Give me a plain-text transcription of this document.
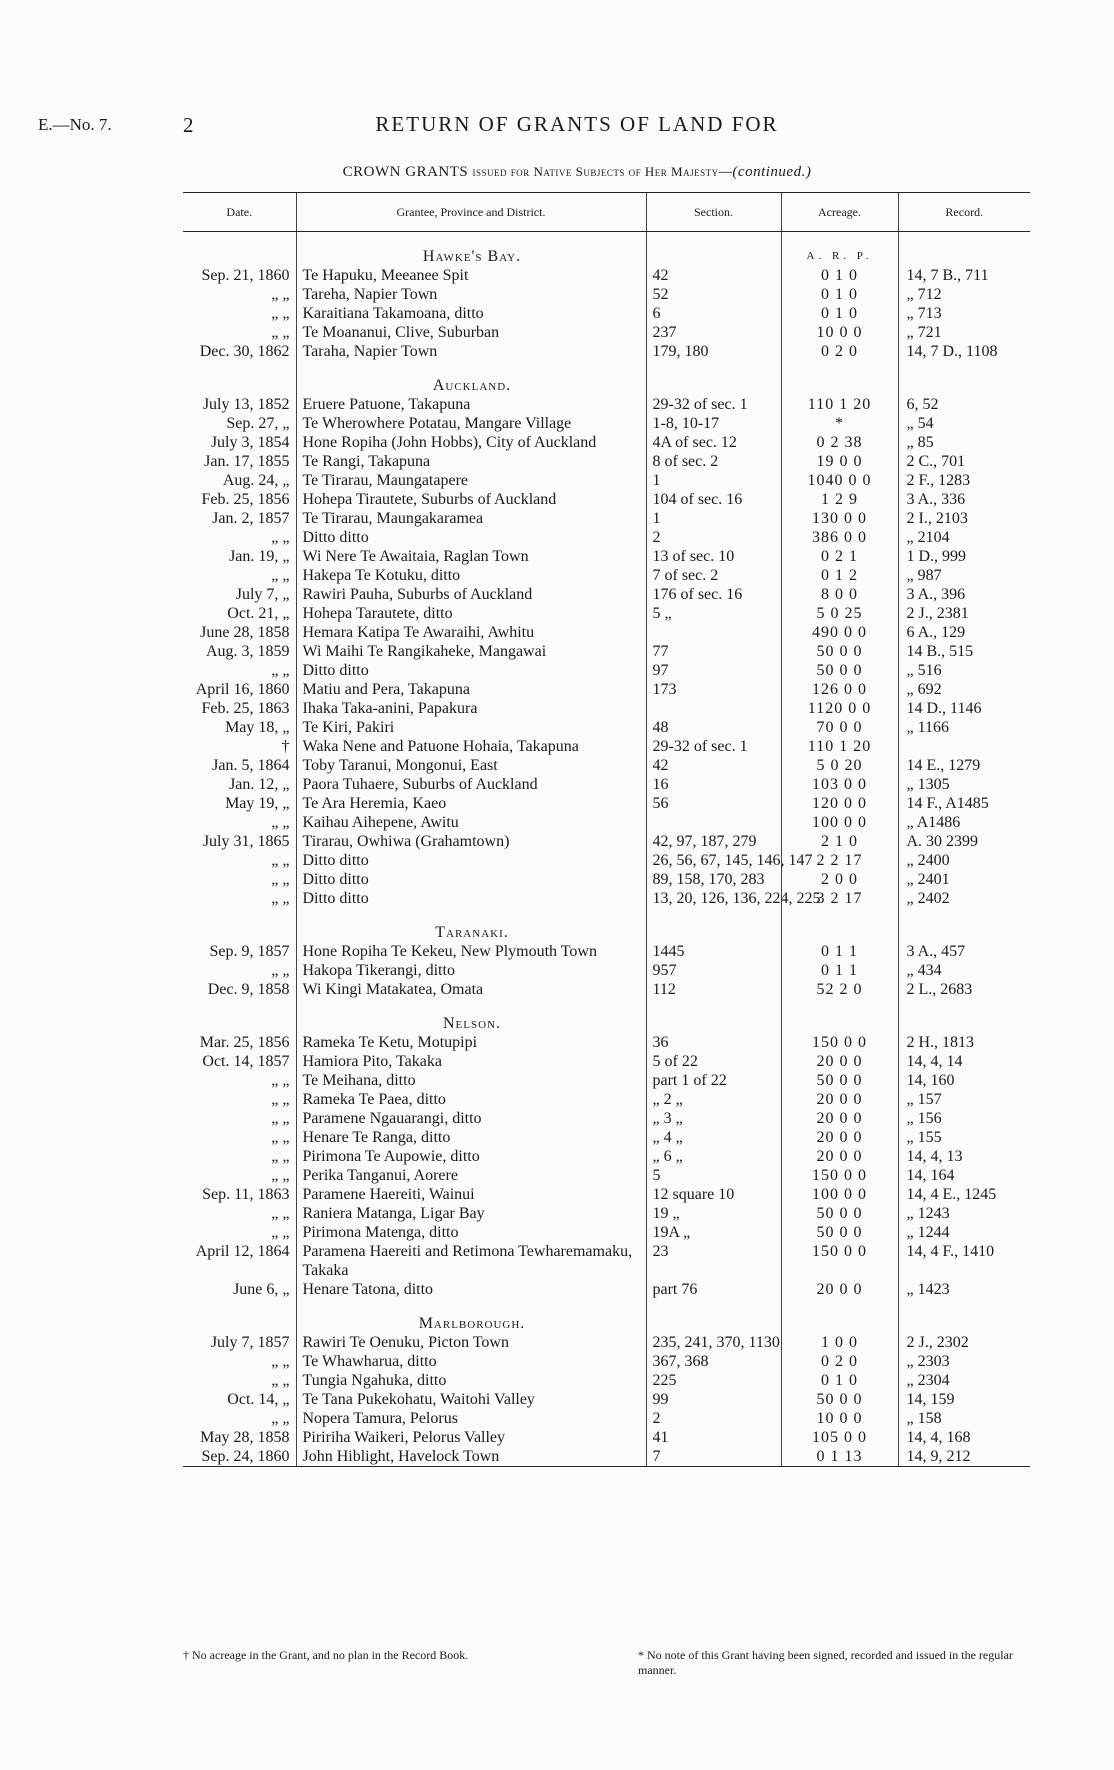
E.—No. 7.	2	RETURN OF GRANTS OF LAND FOR
CROWN GRANTS issued for Native Subjects of Her Majesty—(continued.)
Date.	Grantee, Province and District.	Section.	Acreage.	Record.
	Hawke's Bay.		A. R. P.	
Sep. 21, 1860	Te Hapuku, Meeanee Spit	42	0 1 0	14, 7 B., 711
„ „	Tareha, Napier Town	52	0 1 0	„ 712
„ „	Karaitiana Takamoana, ditto	6	0 1 0	„ 713
„ „	Te Moananui, Clive, Suburban	237	10 0 0	„ 721
Dec. 30, 1862	Taraha, Napier Town	179, 180	0 2 0	14, 7 D., 1108
	Auckland.			
July 13, 1852	Eruere Patuone, Takapuna	29-32 of sec. 1	110 1 20	6, 52
Sep. 27, „	Te Wherowhere Potatau, Mangare Village	1-8, 10-17	*	„ 54
July 3, 1854	Hone Ropiha (John Hobbs), City of Auckland	4A of sec. 12	0 2 38	„ 85
Jan. 17, 1855	Te Rangi, Takapuna	8 of sec. 2	19 0 0	2 C., 701
Aug. 24, „	Te Tirarau, Maungatapere	1	1040 0 0	2 F., 1283
Feb. 25, 1856	Hohepa Tirautete, Suburbs of Auckland	104 of sec. 16	1 2 9	3 A., 336
Jan. 2, 1857	Te Tirarau, Maungakaramea	1	130 0 0	2 I., 2103
„ „	Ditto ditto	2	386 0 0	„ 2104
Jan. 19, „	Wi Nere Te Awaitaia, Raglan Town	13 of sec. 10	0 2 1	1 D., 999
„ „	Hakepa Te Kotuku, ditto	7 of sec. 2	0 1 2	„ 987
July 7, „	Rawiri Pauha, Suburbs of Auckland	176 of sec. 16	8 0 0	3 A., 396
Oct. 21, „	Hohepa Tarautete, ditto	5 „	5 0 25	2 J., 2381
June 28, 1858	Hemara Katipa Te Awaraihi, Awhitu		490 0 0	6 A., 129
Aug. 3, 1859	Wi Maihi Te Rangikaheke, Mangawai	77	50 0 0	14 B., 515
„ „	Ditto ditto	97	50 0 0	„ 516
April 16, 1860	Matiu and Pera, Takapuna	173	126 0 0	„ 692
Feb. 25, 1863	Ihaka Taka-anini, Papakura		1120 0 0	14 D., 1146
May 18, „	Te Kiri, Pakiri	48	70 0 0	„ 1166
†	Waka Nene and Patuone Hohaia, Takapuna	29-32 of sec. 1	110 1 20	
Jan. 5, 1864	Toby Taranui, Mongonui, East	42	5 0 20	14 E., 1279
Jan. 12, „	Paora Tuhaere, Suburbs of Auckland	16	103 0 0	„ 1305
May 19, „	Te Ara Heremia, Kaeo	56	120 0 0	14 F., A1485
„ „	Kaihau Aihepene, Awitu		100 0 0	„ A1486
July 31, 1865	Tirarau, Owhiwa (Grahamtown)	42, 97, 187, 279	2 1 0	A. 30 2399
„ „	Ditto ditto	26, 56, 67, 145, 146, 147	2 2 17	„ 2400
„ „	Ditto ditto	89, 158, 170, 283	2 0 0	„ 2401
„ „	Ditto ditto	13, 20, 126, 136, 224, 225	3 2 17	„ 2402
	Taranaki.			
Sep. 9, 1857	Hone Ropiha Te Kekeu, New Plymouth Town	1445	0 1 1	3 A., 457
„ „	Hakopa Tikerangi, ditto	957	0 1 1	„ 434
Dec. 9, 1858	Wi Kingi Matakatea, Omata	112	52 2 0	2 L., 2683
	Nelson.			
Mar. 25, 1856	Rameka Te Ketu, Motupipi	36	150 0 0	2 H., 1813
Oct. 14, 1857	Hamiora Pito, Takaka	5 of 22	20 0 0	14, 4, 14
„ „	Te Meihana, ditto	part 1 of 22	50 0 0	14, 160
„ „	Rameka Te Paea, ditto	„ 2 „	20 0 0	„ 157
„ „	Paramene Ngauarangi, ditto	„ 3 „	20 0 0	„ 156
„ „	Henare Te Ranga, ditto	„ 4 „	20 0 0	„ 155
„ „	Pirimona Te Aupowie, ditto	„ 6 „	20 0 0	14, 4, 13
„ „	Perika Tanganui, Aorere	5	150 0 0	14, 164
Sep. 11, 1863	Paramene Haereiti, Wainui	12 square 10	100 0 0	14, 4 E., 1245
„ „	Raniera Matanga, Ligar Bay	19 „	50 0 0	„ 1243
„ „	Pirimona Matenga, ditto	19A „	50 0 0	„ 1244
April 12, 1864	Paramena Haereiti and Retimona Tewharemamaku, Takaka	23	150 0 0	14, 4 F., 1410
June 6, „	Henare Tatona, ditto	part 76	20 0 0	„ 1423
	Marlborough.			
July 7, 1857	Rawiri Te Oenuku, Picton Town	235, 241, 370, 1130	1 0 0	2 J., 2302
„ „	Te Whawharua, ditto	367, 368	0 2 0	„ 2303
„ „	Tungia Ngahuka, ditto	225	0 1 0	„ 2304
Oct. 14, „	Te Tana Pukekohatu, Waitohi Valley	99	50 0 0	14, 159
„ „	Nopera Tamura, Pelorus	2	10 0 0	„ 158
May 28, 1858	Piririha Waikeri, Pelorus Valley	41	105 0 0	14, 4, 168
Sep. 24, 1860	John Hiblight, Havelock Town	7	0 1 13	14, 9, 212
† No acreage in the Grant, and no plan in the Record Book.	* No note of this Grant having been signed, recorded and issued in the regular manner.
